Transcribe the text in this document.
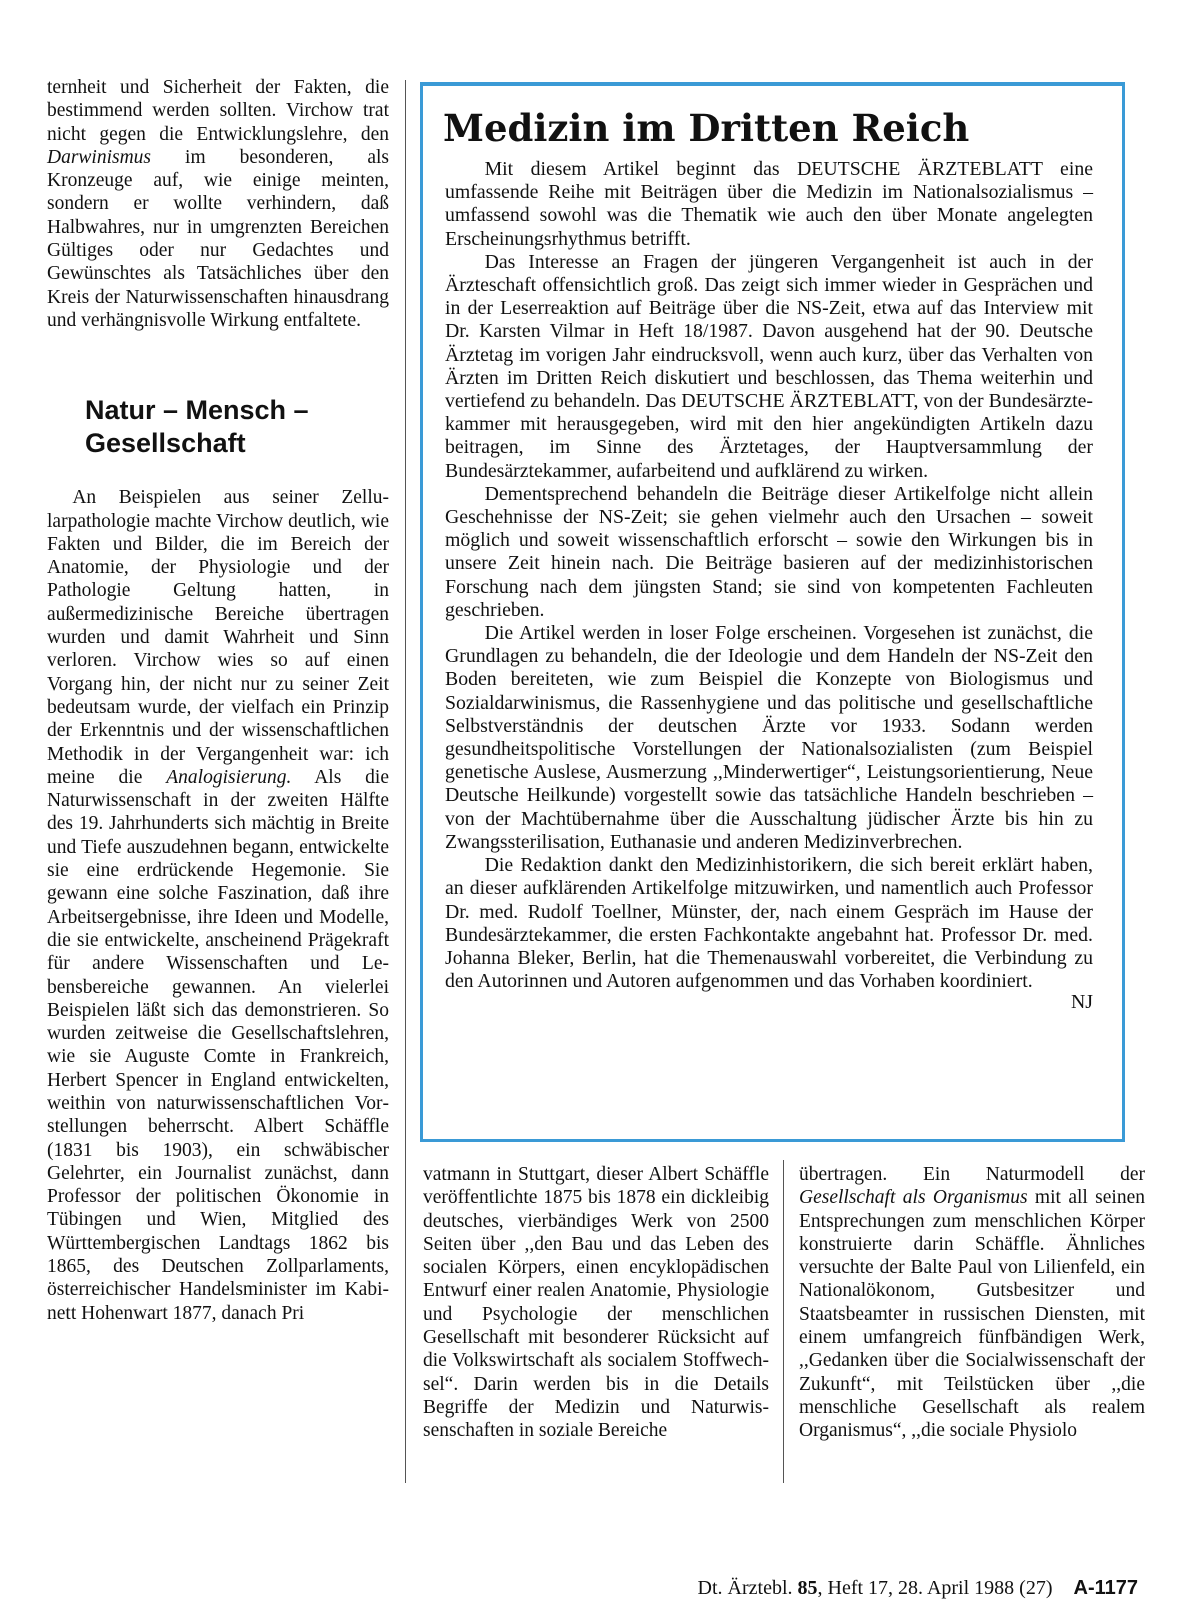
ternheit und Sicherheit der Fakten, die bestimmend werden sollten. Virchow trat nicht gegen die Entwicklungslehre, den Darwinismus im besonderen, als Kronzeuge auf, wie einige meinten, sondern er wollte verhindern, daß Halbwahres, nur in umgrenzten Bereichen Gültiges oder nur Gedachtes und Gewünschtes als Tatsächliches über den Kreis der Naturwissenschaften hinausdrang und verhängnisvolle Wirkung entfaltete.

Natur – Mensch –
Gesellschaft

An Beispielen aus seiner Zellularpathologie machte Virchow deutlich, wie Fakten und Bilder, die im Bereich der Anatomie, der Physiologie und der Pathologie Geltung hatten, in außermedizinische Bereiche übertragen wurden und damit Wahrheit und Sinn verloren. Virchow wies so auf einen Vorgang hin, der nicht nur zu seiner Zeit bedeutsam wurde, der vielfach ein Prinzip der Erkenntnis und der wissenschaftlichen Methodik in der Vergangenheit war: ich meine die Analogisierung. Als die Naturwissenschaft in der zweiten Hälfte des 19. Jahrhunderts sich mächtig in Breite und Tiefe auszudehnen begann, entwickelte sie eine erdrückende Hegemonie. Sie gewann eine solche Faszination, daß ihre Arbeitsergebnisse, ihre Ideen und Modelle, die sie entwickelte, anscheinend Prägekraft für andere Wissenschaften und Lebensbereiche gewannen. An vielerlei Beispielen läßt sich das demonstrieren. So wurden zeitweise die Gesellschaftslehren, wie sie Auguste Comte in Frankreich, Herbert Spencer in England entwickelten, weithin von naturwissenschaftlichen Vorstellungen beherrscht. Albert Schäffle (1831 bis 1903), ein schwäbischer Gelehrter, ein Journalist zunächst, dann Professor der politischen Ökonomie in Tübingen und Wien, Mitglied des Württembergischen Landtags 1862 bis 1865, des Deutschen Zollparlaments, österreichischer Handelsminister im Kabinett Hohenwart 1877, danach Pri

Medizin im Dritten Reich

Mit diesem Artikel beginnt das DEUTSCHE ÄRZTEBLATT eine umfassende Reihe mit Beiträgen über die Medizin im Nationalsozialismus – umfassend sowohl was die Thematik wie auch den über Monate angelegten Erscheinungsrhythmus betrifft.

Das Interesse an Fragen der jüngeren Vergangenheit ist auch in der Ärzteschaft offensichtlich groß. Das zeigt sich immer wieder in Gesprächen und in der Leserreaktion auf Beiträge über die NS-Zeit, etwa auf das Interview mit Dr. Karsten Vilmar in Heft 18/1987. Davon ausgehend hat der 90. Deutsche Ärztetag im vorigen Jahr eindrucksvoll, wenn auch kurz, über das Verhalten von Ärzten im Dritten Reich diskutiert und beschlossen, das Thema weiterhin und vertiefend zu behandeln. Das DEUTSCHE ÄRZTEBLATT, von der Bundesärztekammer mit herausgegeben, wird mit den hier angekündigten Artikeln dazu beitragen, im Sinne des Ärztetages, der Hauptversammlung der Bundesärztekammer, aufarbeitend und aufklärend zu wirken.

Dementsprechend behandeln die Beiträge dieser Artikelfolge nicht allein Geschehnisse der NS-Zeit; sie gehen vielmehr auch den Ursachen – soweit möglich und soweit wissenschaftlich erforscht – sowie den Wirkungen bis in unsere Zeit hinein nach. Die Beiträge basieren auf der medizinhistorischen Forschung nach dem jüngsten Stand; sie sind von kompetenten Fachleuten geschrieben.

Die Artikel werden in loser Folge erscheinen. Vorgesehen ist zunächst, die Grundlagen zu behandeln, die der Ideologie und dem Handeln der NS-Zeit den Boden bereiteten, wie zum Beispiel die Konzepte von Biologismus und Sozialdarwinismus, die Rassenhygiene und das politische und gesellschaftliche Selbstverständnis der deutschen Ärzte vor 1933. Sodann werden gesundheitspolitische Vorstellungen der Nationalsozialisten (zum Beispiel genetische Auslese, Ausmerzung ,,Minderwertiger“, Leistungsorientierung, Neue Deutsche Heilkunde) vorgestellt sowie das tatsächliche Handeln beschrieben – von der Machtübernahme über die Ausschaltung jüdischer Ärzte bis hin zu Zwangssterilisation, Euthanasie und anderen Medizinverbrechen.

Die Redaktion dankt den Medizinhistorikern, die sich bereit erklärt haben, an dieser aufklärenden Artikelfolge mitzuwirken, und namentlich auch Professor Dr. med. Rudolf Toellner, Münster, der, nach einem Gespräch im Hause der Bundesärztekammer, die ersten Fachkontakte angebahnt hat. Professor Dr. med. Johanna Bleker, Berlin, hat die Themenauswahl vorbereitet, die Verbindung zu den Autorinnen und Autoren aufgenommen und das Vorhaben koordiniert.

NJ

vatmann in Stuttgart, dieser Albert Schäffle veröffentlichte 1875 bis 1878 ein dickleibig deutsches, vierbändiges Werk von 2500 Seiten über ,,den Bau und das Leben des socialen Körpers, einen encyklopädischen Entwurf einer realen Anatomie, Physiologie und Psychologie der menschlichen Gesellschaft mit besonderer Rücksicht auf die Volkswirtschaft als socialem Stoffwechsel“. Darin werden bis in die Details Begriffe der Medizin und Naturwissenschaften in soziale Bereiche

übertragen. Ein Naturmodell der Gesellschaft als Organismus mit all seinen Entsprechungen zum menschlichen Körper konstruierte darin Schäffle. Ähnliches versuchte der Balte Paul von Lilienfeld, ein Nationalökonom, Gutsbesitzer und Staatsbeamter in russischen Diensten, mit einem umfangreich fünfbändigen Werk, ,,Gedanken über die Socialwissenschaft der Zukunft“, mit Teilstücken über ,,die menschliche Gesellschaft als realem Organismus“, ,,die sociale Physiolo

Dt. Ärztebl. 85, Heft 17, 28. April 1988 (27) A-1177
